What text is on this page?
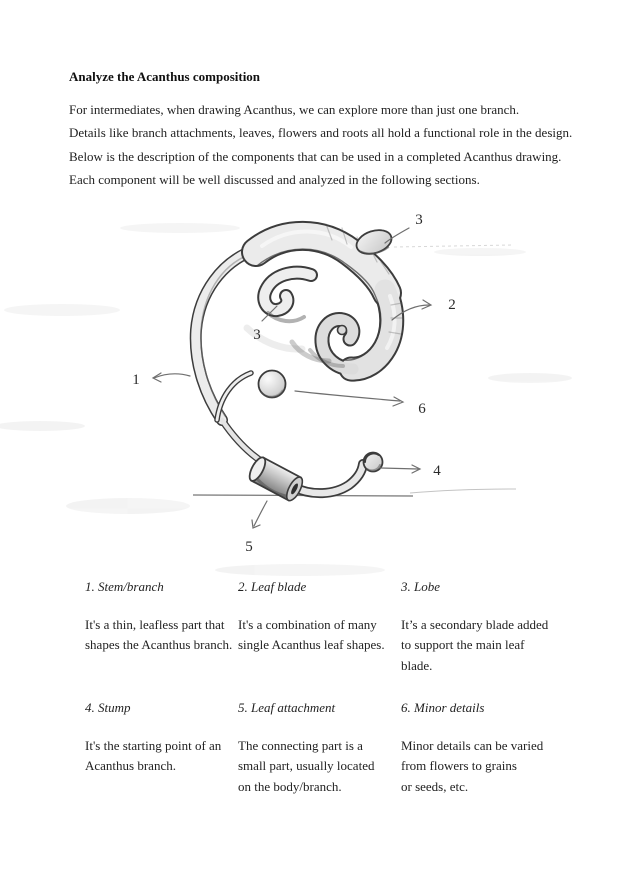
Analyze the Acanthus composition
For intermediates, when drawing Acanthus, we can explore more than just one branch.
Details like branch attachments, leaves, flowers and roots all hold a functional role in the design.
Below is the description of the components that can be used in a completed Acanthus drawing.
Each component will be well discussed and analyzed in the following sections.
3
2
3
1
6
4
5
1. Stem/branch
It's a thin, leafless part that
shapes the Acanthus branch.
2. Leaf blade
It's a combination of many
single Acanthus leaf shapes.
3. Lobe
It’s a secondary blade added
to support the main leaf
blade.
4. Stump
It's the starting point of an
Acanthus branch.
5. Leaf attachment
The connecting part is a
small part, usually located
on the body/branch.
6. Minor details
Minor details can be varied
from flowers to grains
or seeds, etc.
